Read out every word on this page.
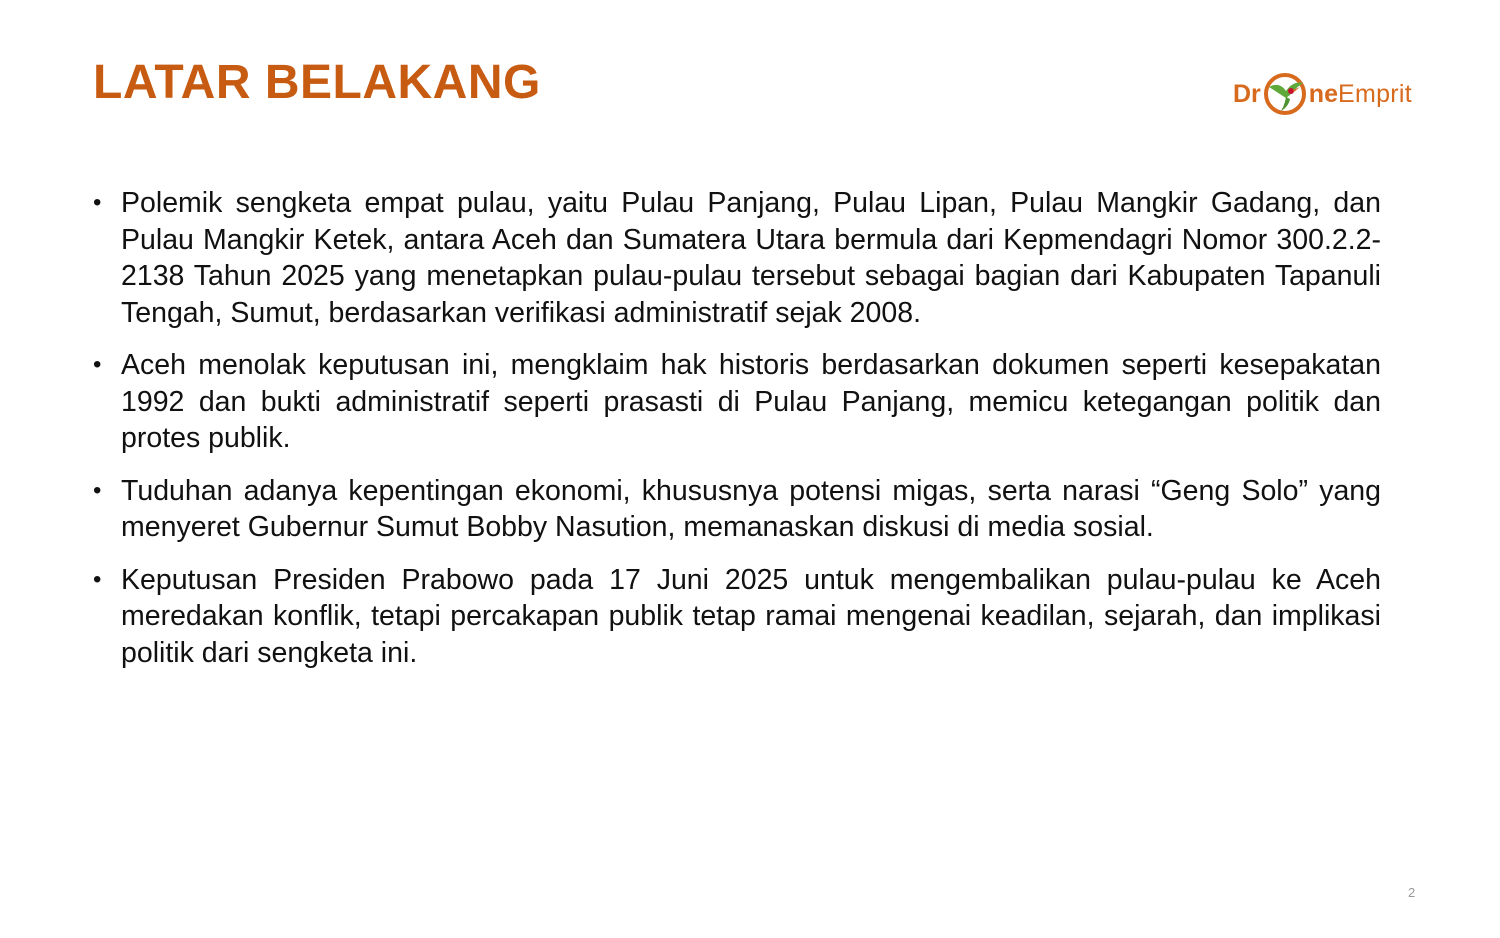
LATAR BELAKANG	Dr ne Emprit
• Polemik sengketa empat pulau, yaitu Pulau Panjang, Pulau Lipan, Pulau Mangkir Gadang, dan Pulau Mangkir Ketek, antara Aceh dan Sumatera Utara bermula dari Kepmendagri Nomor 300.2.2-2138 Tahun 2025 yang menetapkan pulau-pulau tersebut sebagai bagian dari Kabupaten Tapanuli Tengah, Sumut, berdasarkan verifikasi administratif sejak 2008.
• Aceh menolak keputusan ini, mengklaim hak historis berdasarkan dokumen seperti kesepakatan 1992 dan bukti administratif seperti prasasti di Pulau Panjang, memicu ketegangan politik dan protes publik.
• Tuduhan adanya kepentingan ekonomi, khususnya potensi migas, serta narasi “Geng Solo” yang menyeret Gubernur Sumut Bobby Nasution, memanaskan diskusi di media sosial.
• Keputusan Presiden Prabowo pada 17 Juni 2025 untuk mengembalikan pulau-pulau ke Aceh meredakan konflik, tetapi percakapan publik tetap ramai mengenai keadilan, sejarah, dan implikasi politik dari sengketa ini.
2
